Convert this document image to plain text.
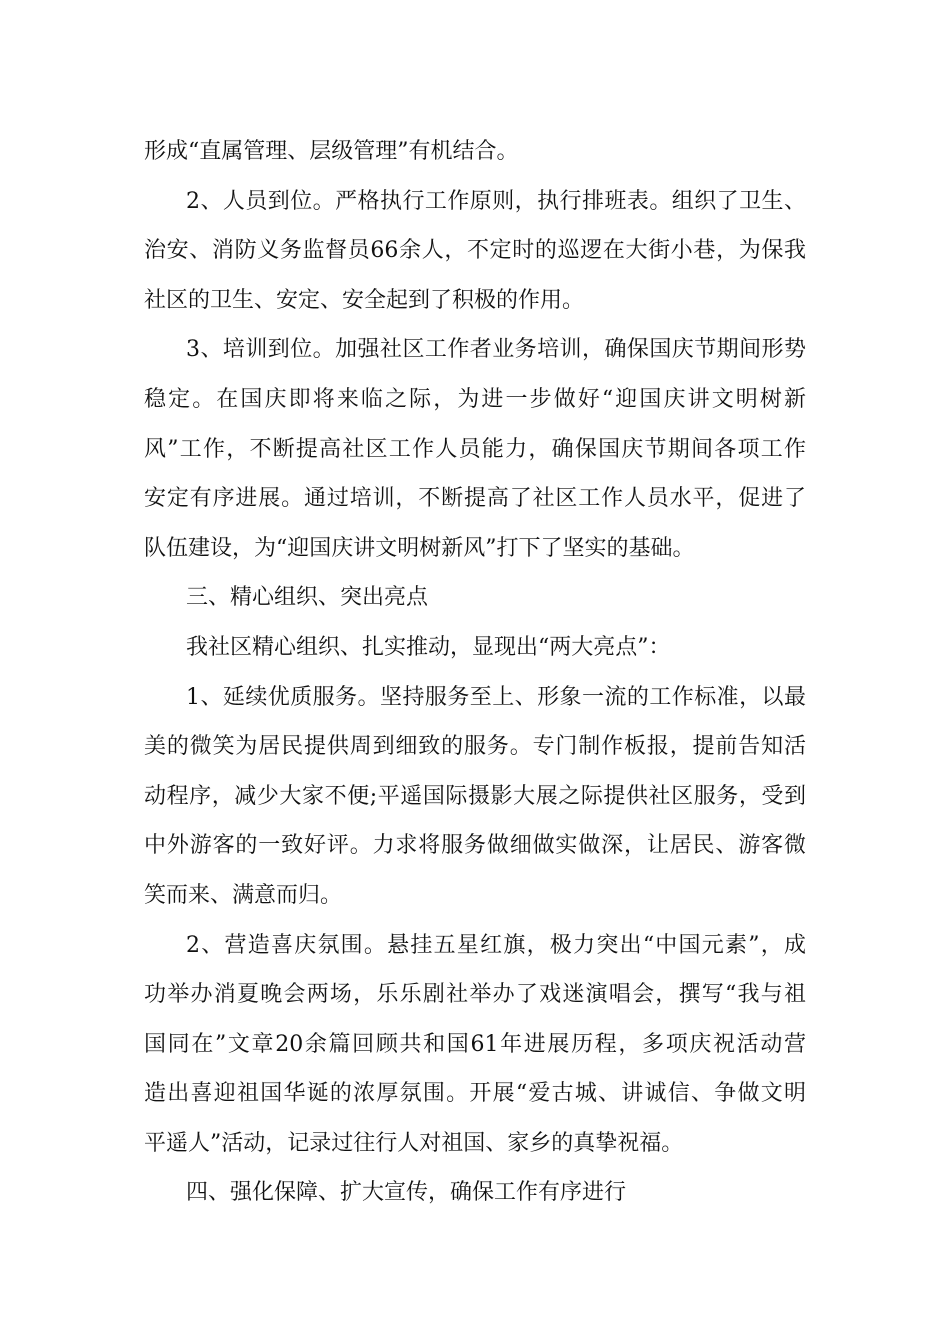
形成“直属管理、层级管理”有机结合。
2、人员到位。严格执行工作原则，执行排班表。组织了卫生、
治安、消防义务监督员66余人，不定时的巡逻在大街小巷，为保我
社区的卫生、安定、安全起到了积极的作用。
3、培训到位。加强社区工作者业务培训，确保国庆节期间形势
稳定。在国庆即将来临之际，为进一步做好“迎国庆讲文明树新
风”工作，不断提高社区工作人员能力，确保国庆节期间各项工作
安定有序进展。通过培训，不断提高了社区工作人员水平，促进了
队伍建设，为“迎国庆讲文明树新风”打下了坚实的基础。
三、精心组织、突出亮点
我社区精心组织、扎实推动，显现出“两大亮点”：
1、延续优质服务。坚持服务至上、形象一流的工作标准，以最
美的微笑为居民提供周到细致的服务。专门制作板报，提前告知活
动程序，减少大家不便;平遥国际摄影大展之际提供社区服务，受到
中外游客的一致好评。力求将服务做细做实做深，让居民、游客微
笑而来、满意而归。
2、营造喜庆氛围。悬挂五星红旗，极力突出“中国元素”，成
功举办消夏晚会两场，乐乐剧社举办了戏迷演唱会，撰写“我与祖
国同在”文章20余篇回顾共和国61年进展历程，多项庆祝活动营
造出喜迎祖国华诞的浓厚氛围。开展“爱古城、讲诚信、争做文明
平遥人”活动，记录过往行人对祖国、家乡的真挚祝福。
四、强化保障、扩大宣传，确保工作有序进行
